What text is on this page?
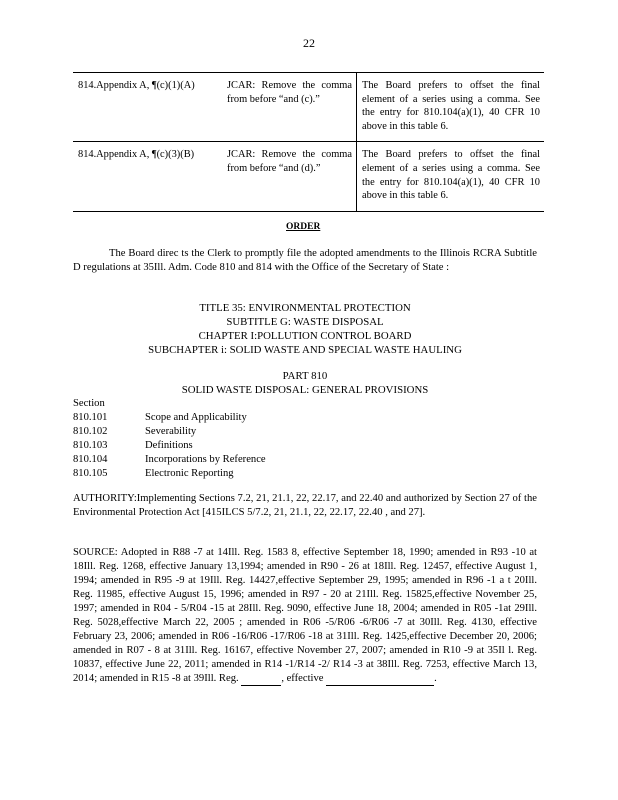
22
814.Appendix A, ¶(c)(1)(A)	JCAR: Remove the comma from before “and (c).”	The Board prefers to offset the final element of a series using a comma. See the entry for 810.104(a)(1), 40 CFR 10 above in this table 6.
814.Appendix A, ¶(c)(3)(B)	JCAR: Remove the comma from before “and (d).”	The Board prefers to offset the final element of a series using a comma. See the entry for 810.104(a)(1), 40 CFR 10 above in this table 6.
ORDER
The Board direc ts the Clerk to promptly file the adopted amendments to the Illinois RCRA Subtitle D regulations at 35Ill. Adm. Code 810 and 814 with the Office of the Secretary of State :
TITLE 35: ENVIRONMENTAL PROTECTION
SUBTITLE G: WASTE DISPOSAL
CHAPTER I:POLLUTION CONTROL BOARD
SUBCHAPTER i: SOLID WASTE AND SPECIAL WASTE HAULING
PART 810
SOLID WASTE DISPOSAL: GENERAL PROVISIONS
Section
810.101	Scope and Applicability
810.102	Severability
810.103	Definitions
810.104	Incorporations by Reference
810.105	Electronic Reporting
AUTHORITY:Implementing Sections 7.2, 21, 21.1, 22, 22.17, and 22.40 and authorized by Section 27 of the Environmental Protection Act [415ILCS 5/7.2, 21, 21.1, 22, 22.17, 22.40 , and 27].
SOURCE: Adopted in R88 -7 at 14Ill. Reg. 1583 8, effective September 18, 1990; amended in R93 -10 at 18Ill. Reg. 1268, effective January 13,1994; amended in R90 - 26 at 18Ill. Reg. 12457, effective August 1, 1994; amended in R95 -9 at 19Ill. Reg. 14427,effective September 29, 1995; amended in R96 -1 a t 20Ill. Reg. 11985, effective August 15, 1996; amended in R97 - 20 at 21Ill. Reg. 15825,effective November 25, 1997; amended in R04 - 5/R04 -15 at 28Ill. Reg. 9090, effective June 18, 2004; amended in R05 -1at 29Ill. Reg. 5028,effective March 22, 2005 ; amended in R06 -5/R06 -6/R06 -7 at 30Ill. Reg. 4130, effective February 23, 2006; amended in R06 -16/R06 -17/R06 -18 at 31Ill. Reg. 1425,effective December 20, 2006; amended in R07 - 8 at 31Ill. Reg. 16167, effective November 27, 2007; amended in R10 -9 at 35Il l. Reg. 10837, effective June 22, 2011; amended in R14 -1/R14 -2/ R14 -3 at 38Ill. Reg. 7253, effective March 13, 2014; amended in R15 -8 at 39Ill. Reg.	, effective	.
